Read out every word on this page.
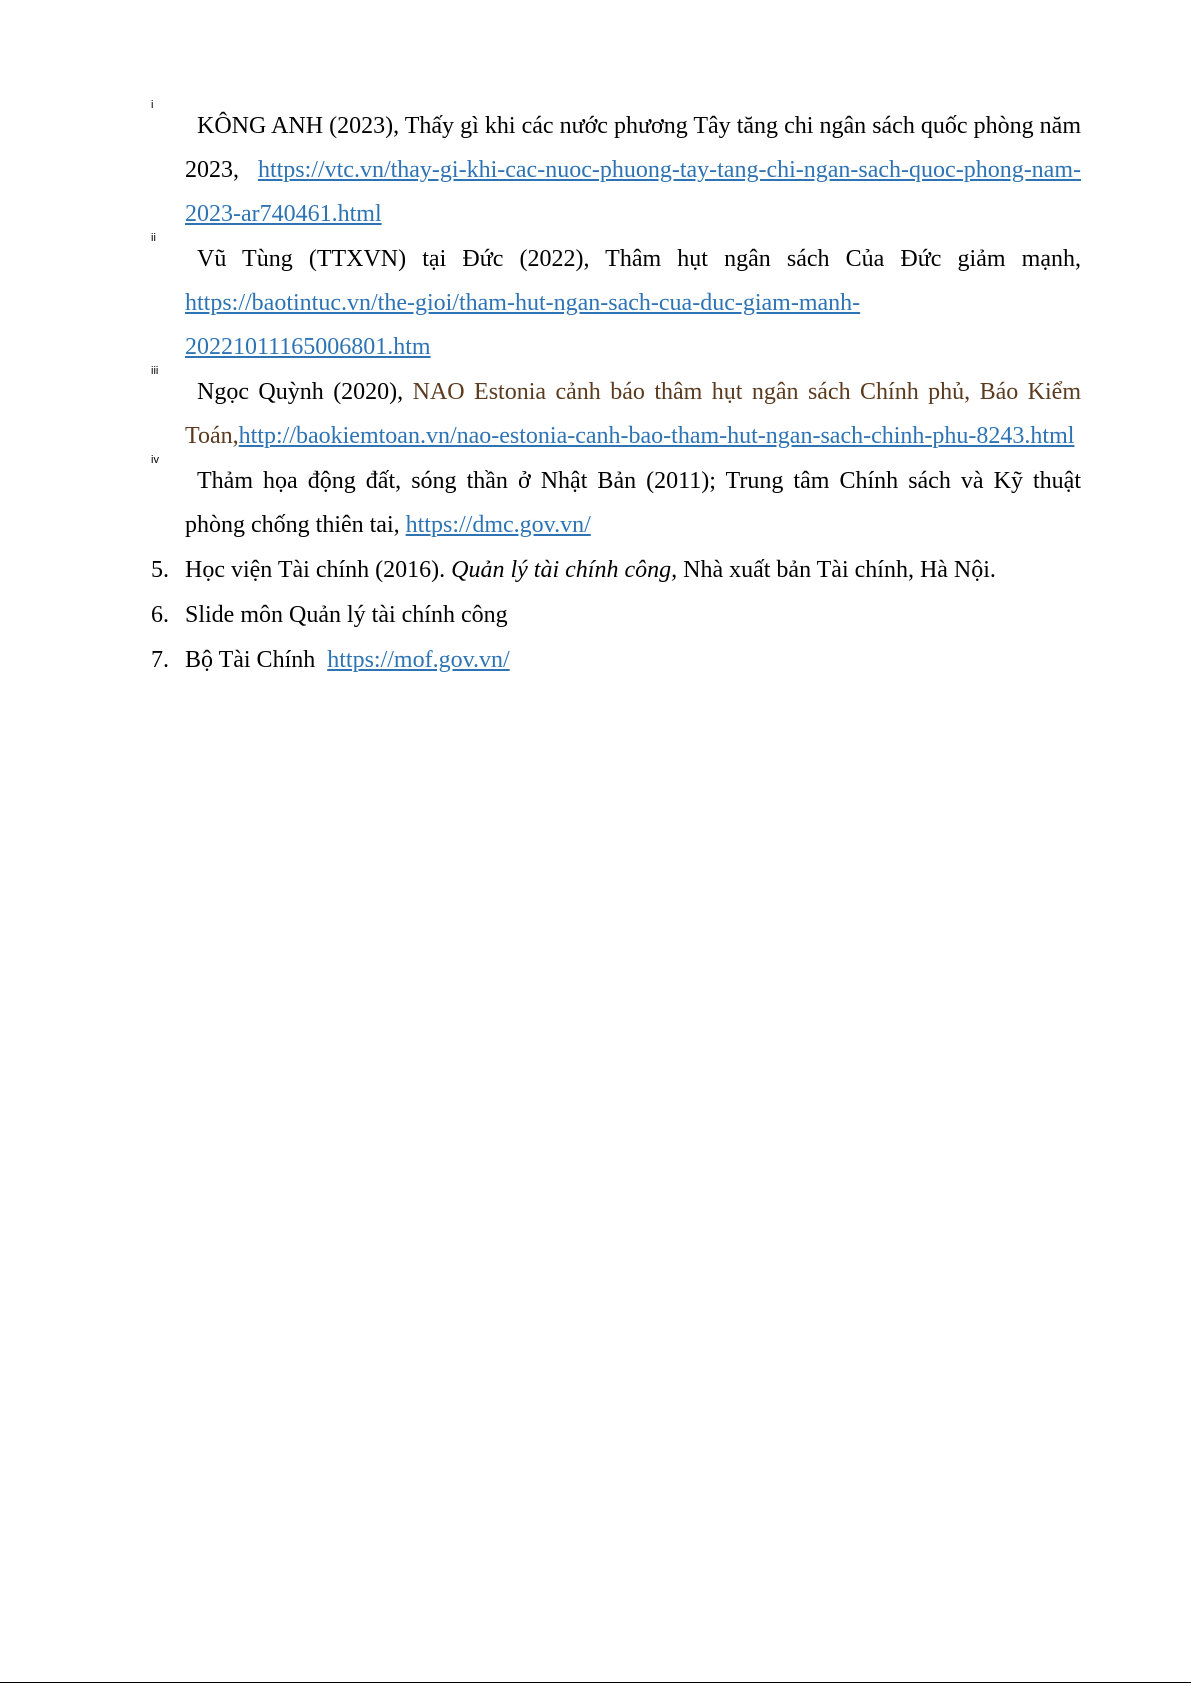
i
KÔNG ANH (2023), Thấy gì khi các nước phương Tây tăng chi ngân sách quốc phòng năm 2023, https://vtc.vn/thay-gi-khi-cac-nuoc-phuong-tay-tang-chi-ngan-sach-quoc-phong-nam-2023-ar740461.html
ii
Vũ Tùng (TTXVN) tại Đức (2022), Thâm hụt ngân sách Của Đức giảm mạnh, https://baotintuc.vn/the-gioi/tham-hut-ngan-sach-cua-duc-giam-manh-20221011165006801.htm
iii
Ngọc Quỳnh (2020), NAO Estonia cảnh báo thâm hụt ngân sách Chính phủ, Báo Kiểm Toán,http://baokiemtoan.vn/nao-estonia-canh-bao-tham-hut-ngan-sach-chinh-phu-8243.html
iv
Thảm họa động đất, sóng thần ở Nhật Bản (2011); Trung tâm Chính sách và Kỹ thuật phòng chống thiên tai, https://dmc.gov.vn/
5. Học viện Tài chính (2016). Quản lý tài chính công, Nhà xuất bản Tài chính, Hà Nội.
6. Slide môn Quản lý tài chính công
7. Bộ Tài Chính  https://mof.gov.vn/
